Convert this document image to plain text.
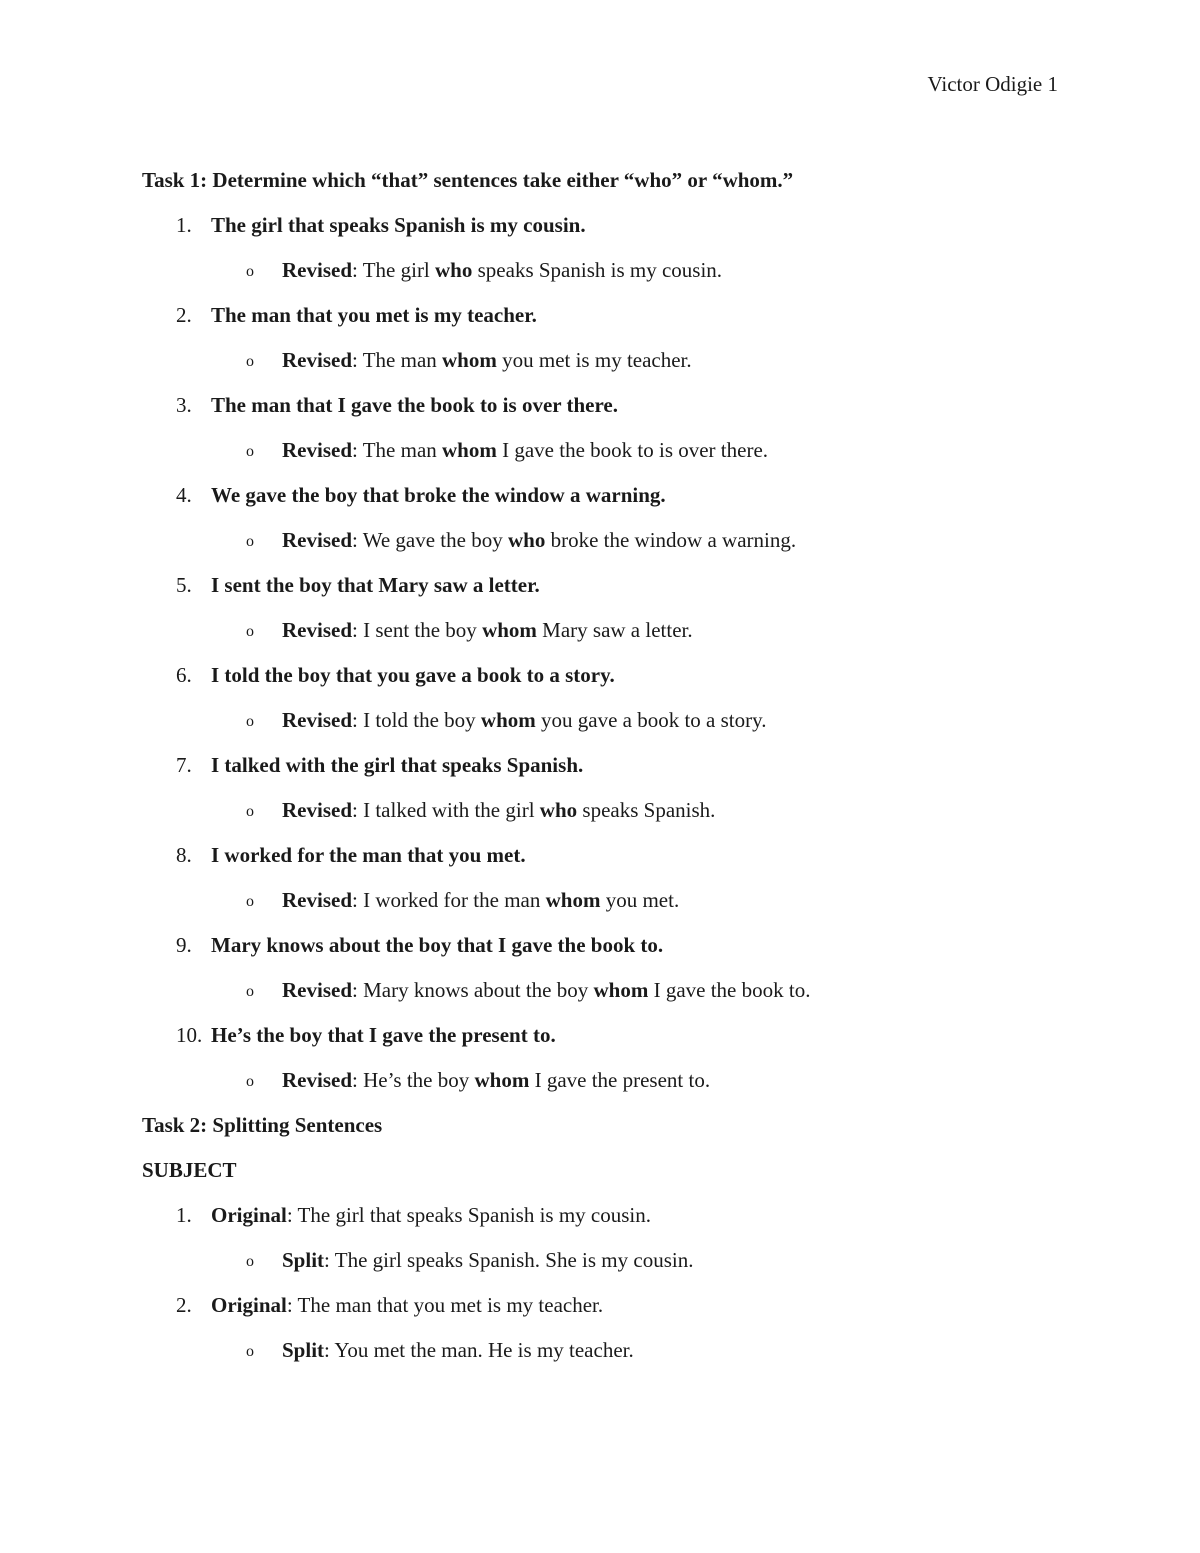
Victor Odigie 1
Task 1: Determine which “that” sentences take either “who” or “whom.”
1. The girl that speaks Spanish is my cousin.
o Revised: The girl who speaks Spanish is my cousin.
2. The man that you met is my teacher.
o Revised: The man whom you met is my teacher.
3. The man that I gave the book to is over there.
o Revised: The man whom I gave the book to is over there.
4. We gave the boy that broke the window a warning.
o Revised: We gave the boy who broke the window a warning.
5. I sent the boy that Mary saw a letter.
o Revised: I sent the boy whom Mary saw a letter.
6. I told the boy that you gave a book to a story.
o Revised: I told the boy whom you gave a book to a story.
7. I talked with the girl that speaks Spanish.
o Revised: I talked with the girl who speaks Spanish.
8. I worked for the man that you met.
o Revised: I worked for the man whom you met.
9. Mary knows about the boy that I gave the book to.
o Revised: Mary knows about the boy whom I gave the book to.
10. He’s the boy that I gave the present to.
o Revised: He’s the boy whom I gave the present to.
Task 2: Splitting Sentences
SUBJECT
1. Original: The girl that speaks Spanish is my cousin.
o Split: The girl speaks Spanish. She is my cousin.
2. Original: The man that you met is my teacher.
o Split: You met the man. He is my teacher.
